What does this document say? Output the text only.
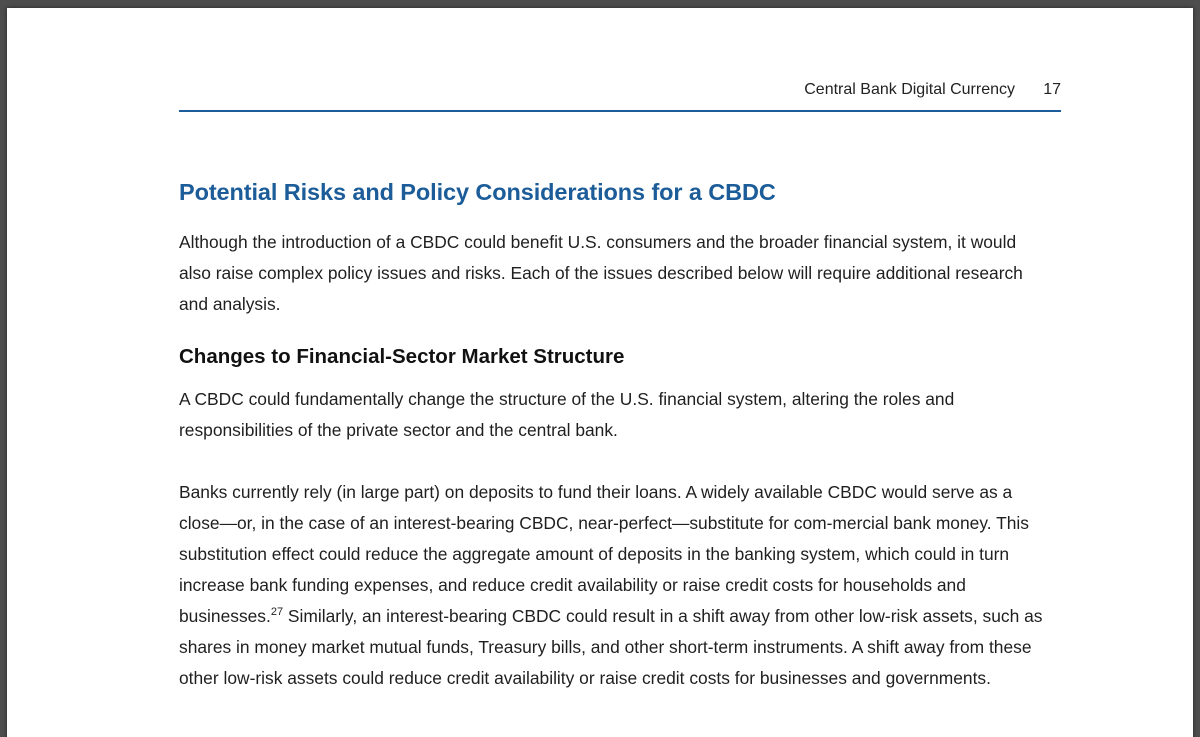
Central Bank Digital Currency 17
Potential Risks and Policy Considerations for a CBDC

Although the introduction of a CBDC could benefit U.S. consumers and the broader financial system, it would also raise complex policy issues and risks. Each of the issues described below will require additional research and analysis.

Changes to Financial-Sector Market Structure

A CBDC could fundamentally change the structure of the U.S. financial system, altering the roles and responsibilities of the private sector and the central bank.

Banks currently rely (in large part) on deposits to fund their loans. A widely available CBDC would serve as a close—or, in the case of an interest-bearing CBDC, near-perfect—substitute for com-mercial bank money. This substitution effect could reduce the aggregate amount of deposits in the banking system, which could in turn increase bank funding expenses, and reduce credit availability or raise credit costs for households and businesses.$^{27}$ Similarly, an interest-bearing CBDC could result in a shift away from other low-risk assets, such as shares in money market mutual funds, Treasury bills, and other short-term instruments. A shift away from these other low-risk assets could reduce credit availability or raise credit costs for businesses and governments.
